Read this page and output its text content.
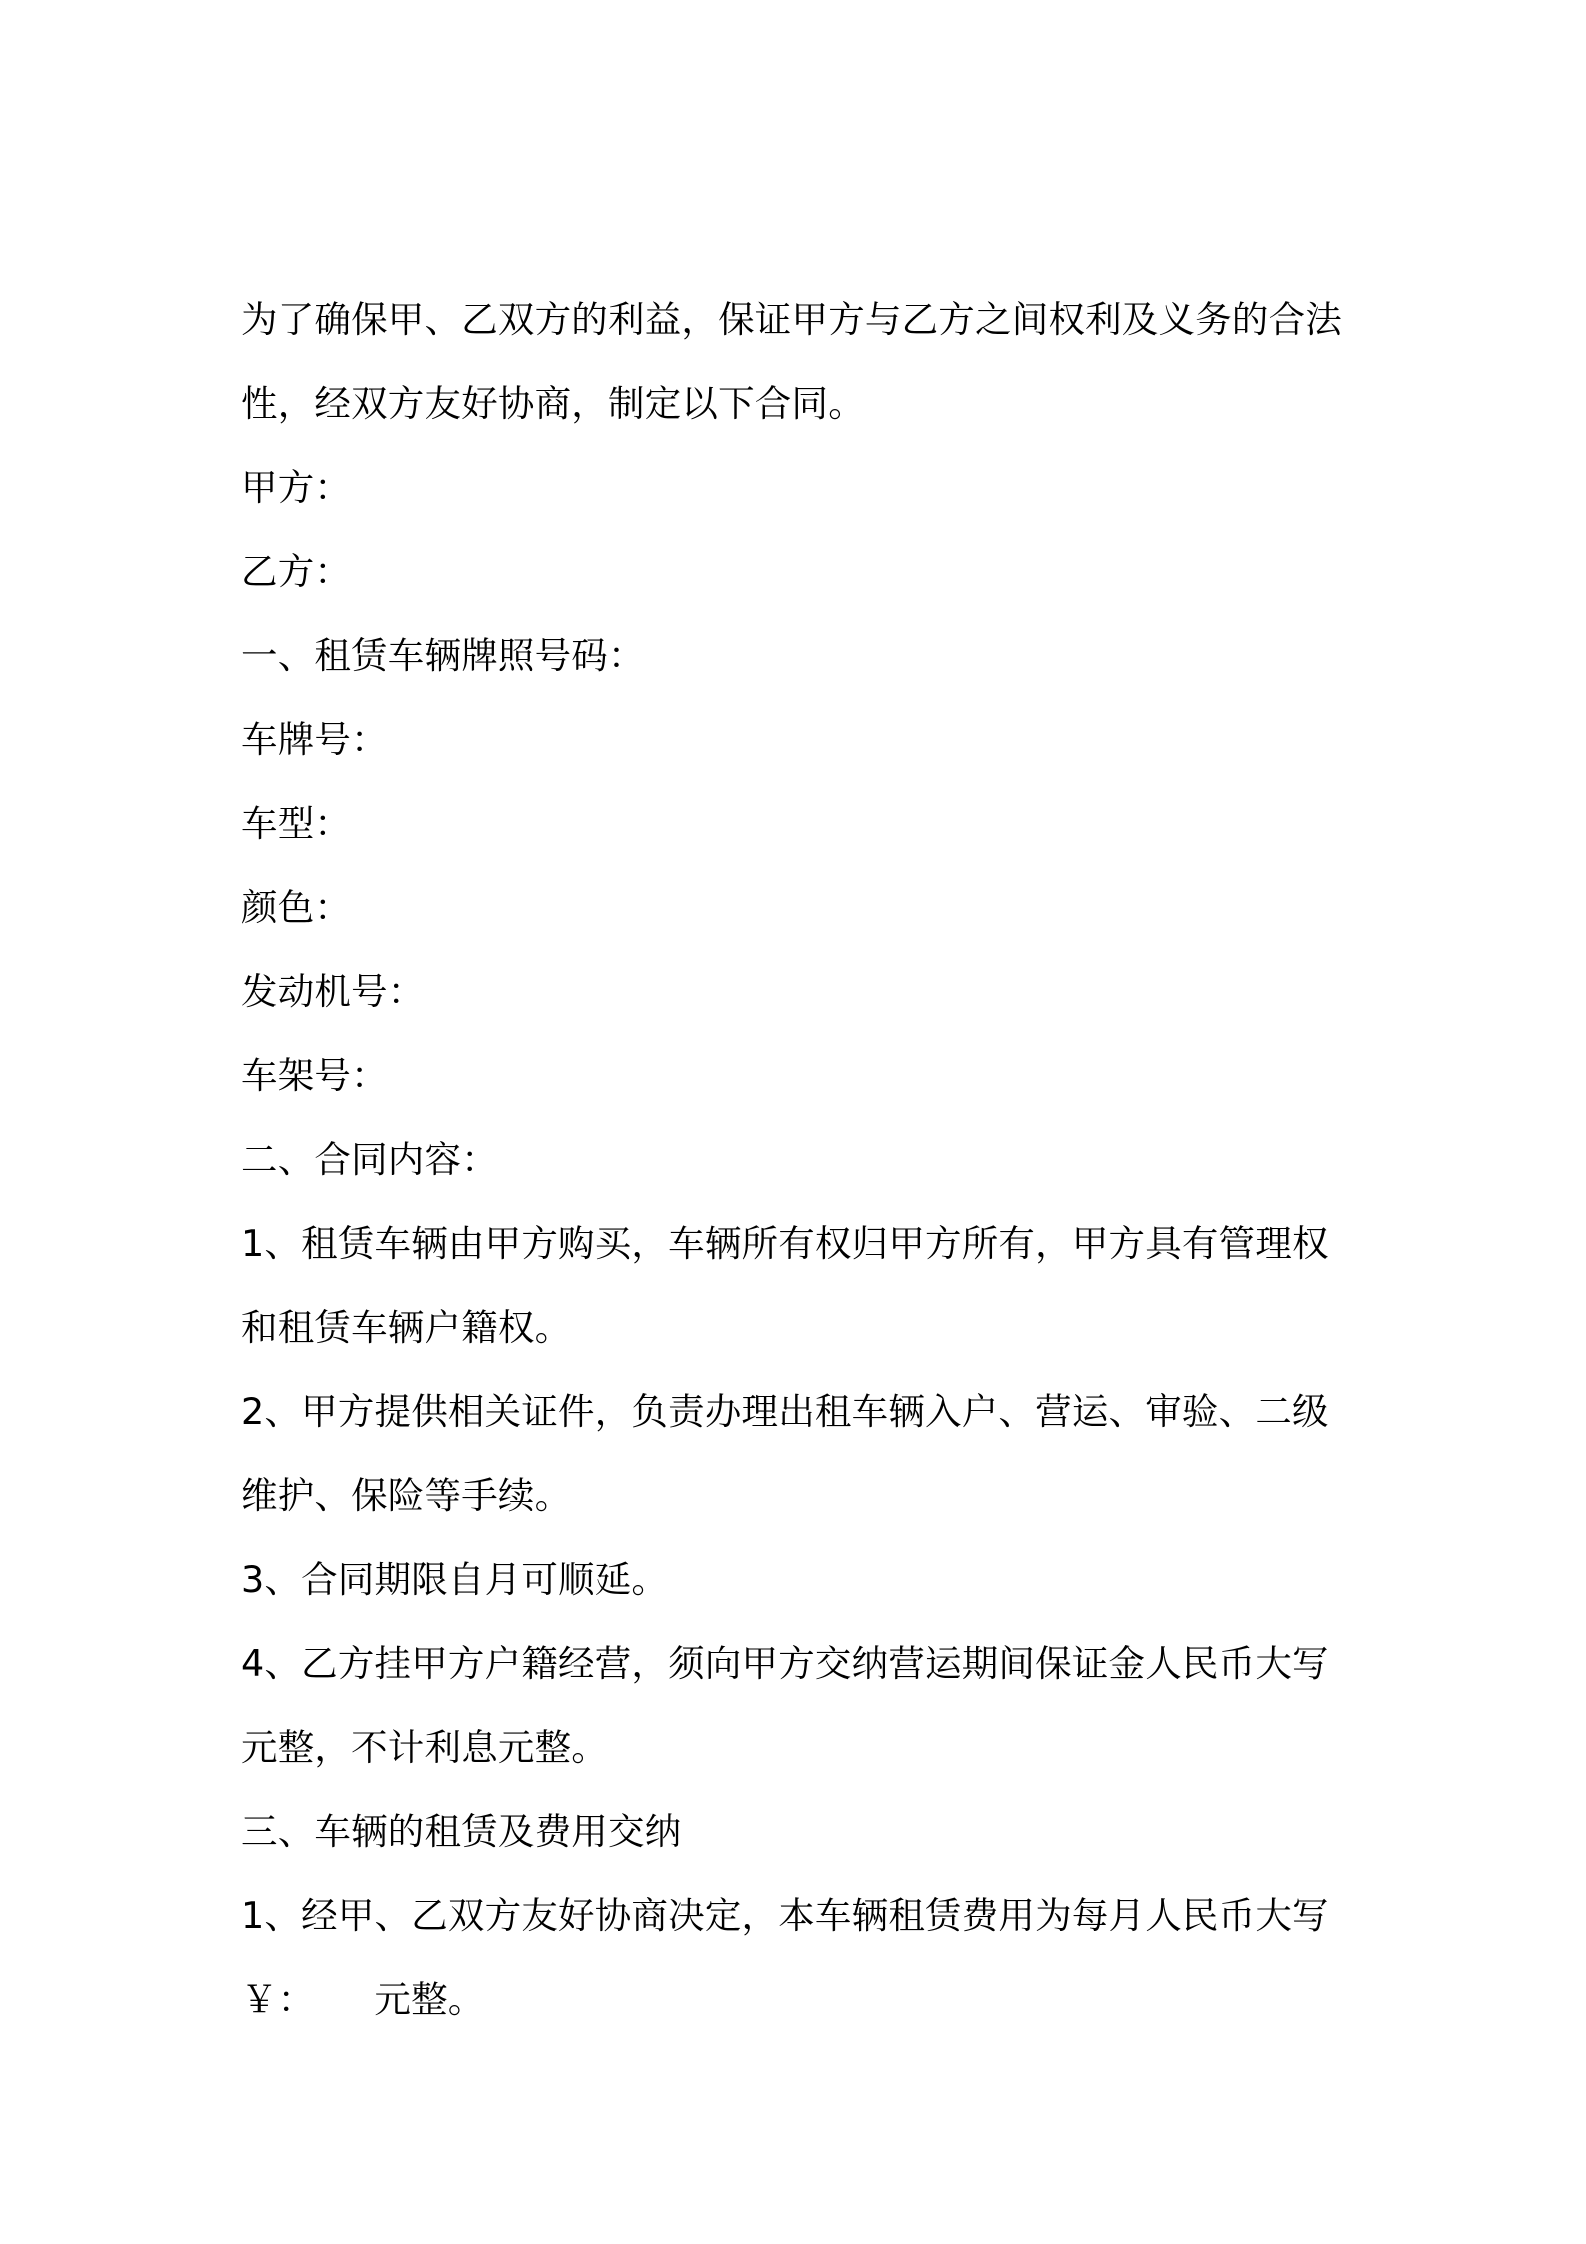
为了确保甲、乙双方的利益，保证甲方与乙方之间权利及义务的合法
性，经双方友好协商，制定以下合同。
甲方：
乙方：
一、租赁车辆牌照号码：
车牌号：
车型：
颜色：
发动机号：
车架号：
二、合同内容：
1、租赁车辆由甲方购买，车辆所有权归甲方所有，甲方具有管理权
和租赁车辆户籍权。
2、甲方提供相关证件，负责办理出租车辆入户、营运、审验、二级
维护、保险等手续。
3、合同期限自月可顺延。
4、乙方挂甲方户籍经营，须向甲方交纳营运期间保证金人民币大写
元整，不计利息元整。
三、车辆的租赁及费用交纳
1、经甲、乙双方友好协商决定，本车辆租赁费用为每月人民币大写
￥： 元整。
